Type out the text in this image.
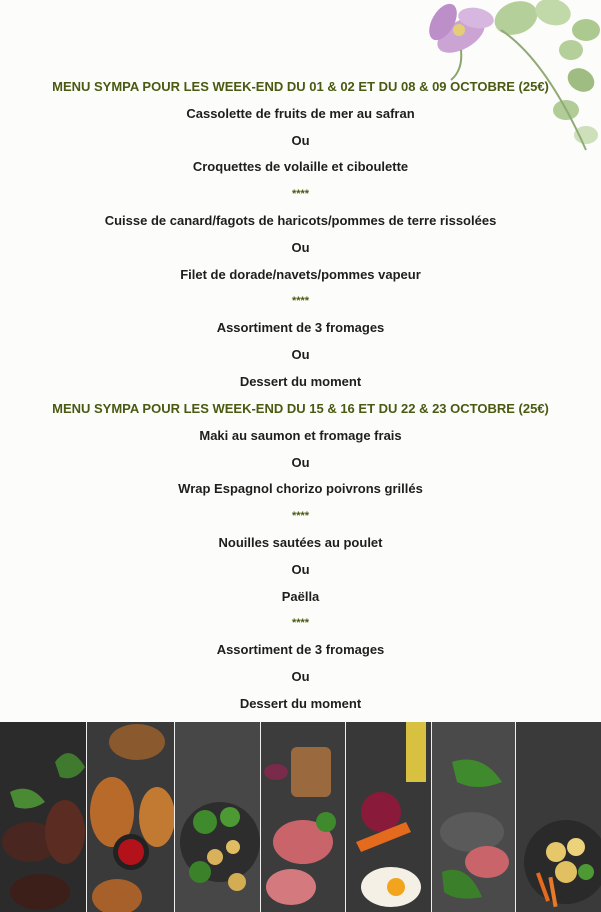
MENU SYMPA POUR LES WEEK-END DU 01 & 02 ET DU 08 & 09 OCTOBRE (25€)
Cassolette de fruits de mer au safran
Ou
Croquettes de volaille et ciboulette
****
Cuisse de canard/fagots de haricots/pommes de terre rissolées
Ou
Filet de dorade/navets/pommes vapeur
****
Assortiment de 3 fromages
Ou
Dessert du moment
MENU SYMPA POUR LES WEEK-END DU 15 & 16 ET DU 22 & 23 OCTOBRE (25€)
Maki au saumon et fromage frais
Ou
Wrap Espagnol chorizo poivrons grillés
****
Nouilles sautées au poulet
Ou
Paëlla
****
Assortiment de 3 fromages
Ou
Dessert du moment
